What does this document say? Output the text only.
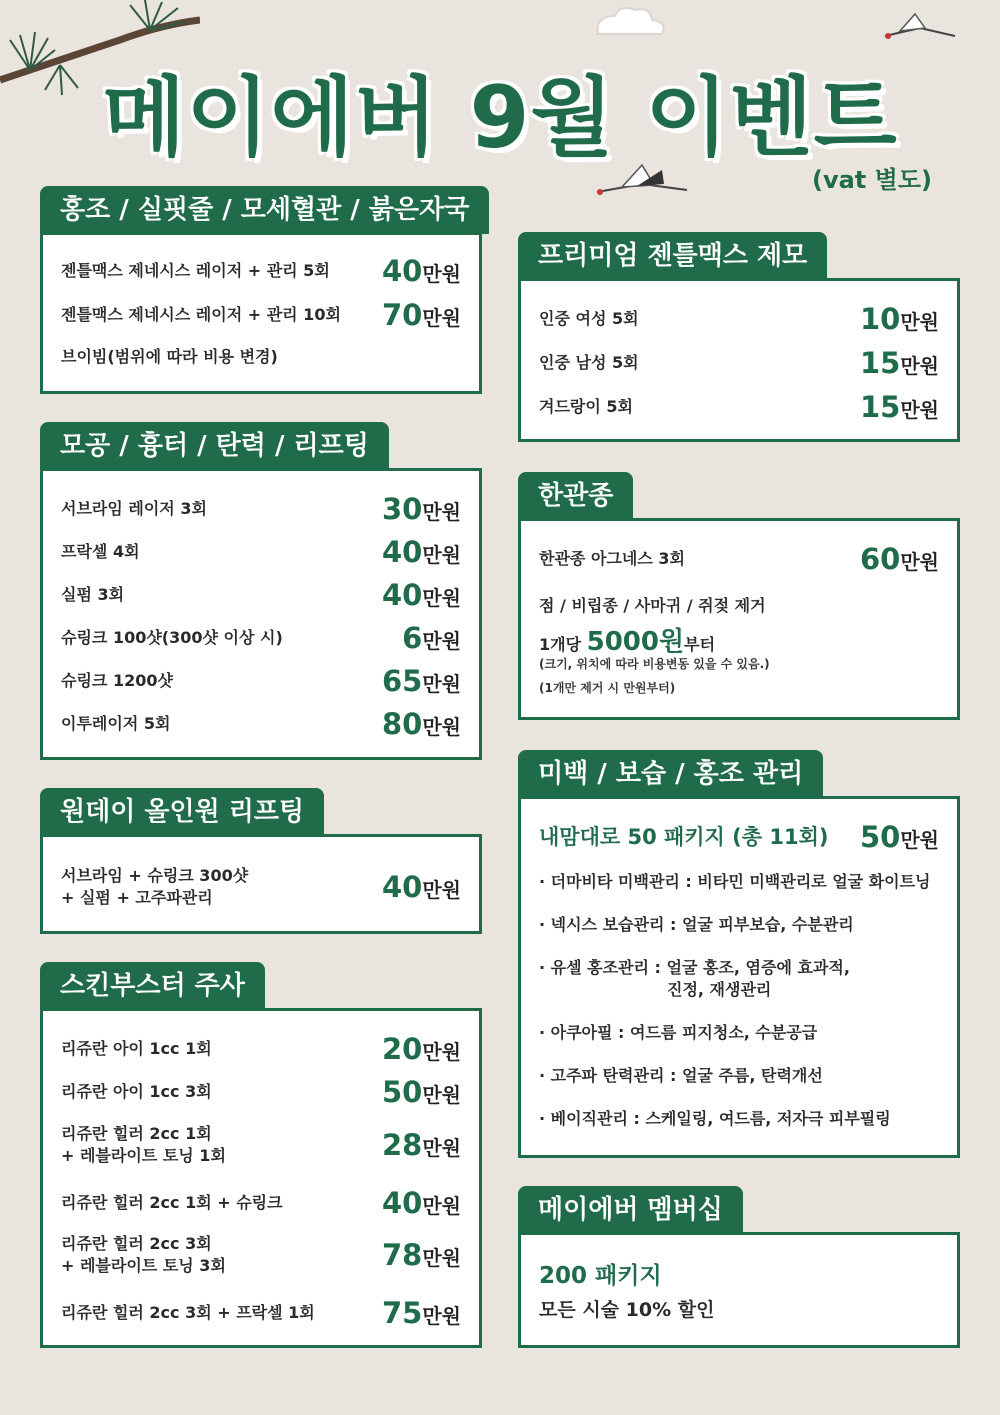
메이에버 9월 이벤트
(vat 별도)
홍조 / 실핏줄 / 모세혈관 / 붉은자국
젠틀맥스 제네시스 레이저 + 관리 5회 40만원
젠틀맥스 제네시스 레이저 + 관리 10회 70만원
브이빔(범위에 따라 비용 변경)
모공 / 흉터 / 탄력 / 리프팅
서브라임 레이저 3회	30만원
프락셀 4회	40만원
실펌 3회	40만원
슈링크 100샷(300샷 이상 시)	6만원
슈링크 1200샷	65만원
이투레이저 5회	80만원
원데이 올인원 리프팅
서브라임 + 슈링크 300샷
+ 실펌 + 고주파관리	40만원
스킨부스터 주사
리쥬란 아이 1cc 1회	20만원
리쥬란 아이 1cc 3회	50만원
리쥬란 힐러 2cc 1회
+ 레블라이트 토닝 1회	28만원
리쥬란 힐러 2cc 1회 + 슈링크	40만원
리쥬란 힐러 2cc 3회
+ 레블라이트 토닝 3회	78만원
리쥬란 힐러 2cc 3회 + 프락셀 1회 75만원
프리미엄 젠틀맥스 제모
인중 여성 5회	10만원
인중 남성 5회	15만원
겨드랑이 5회	15만원
한관종
한관종 아그네스 3회	60만원
점 / 비립종 / 사마귀 / 쥐젖 제거
1개당 5000원부터
(크기, 위치에 따라 비용변동 있을 수 있음.)
(1개만 제거 시 만원부터)
미백 / 보습 / 홍조 관리
내맘대로 50 패키지 (총 11회) 50만원
· 더마비타 미백관리 : 비타민 미백관리로 얼굴 화이트닝
· 넥시스 보습관리 : 얼굴 피부보습, 수분관리
· 유셀 홍조관리 : 얼굴 홍조, 염증에 효과적,
진정, 재생관리
· 아쿠아필 : 여드름 피지청소, 수분공급
· 고주파 탄력관리 : 얼굴 주름, 탄력개선
· 베이직관리 : 스케일링, 여드름, 저자극 피부필링
메이에버 멤버십
200 패키지
모든 시술 10% 할인
